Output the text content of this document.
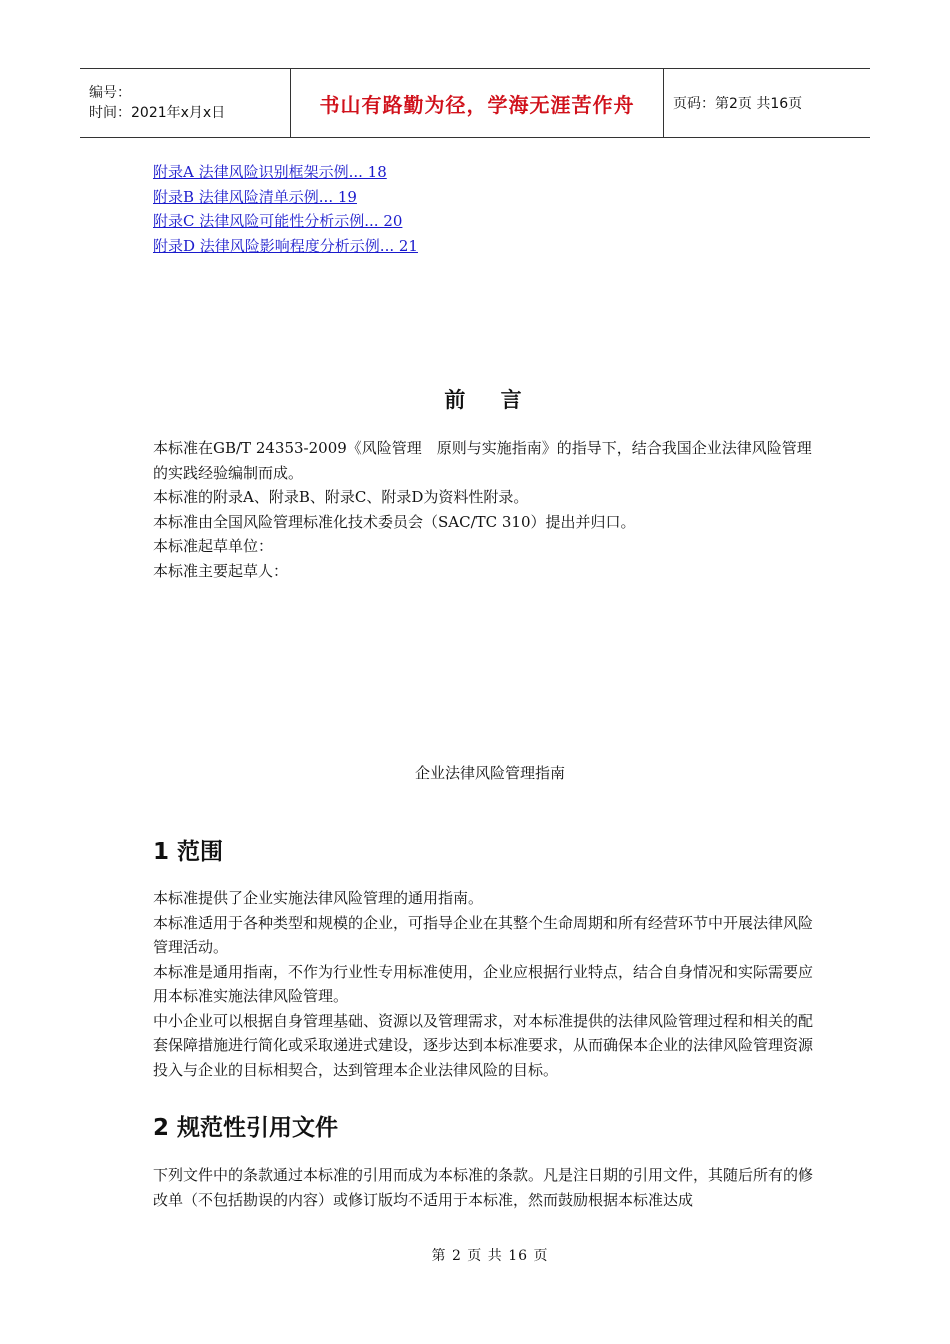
编号：
时间：2021年x月x日	书山有路勤为径，学海无涯苦作舟	页码：第2页 共16页
附录A 法律风险识别框架示例... 18
附录B 法律风险清单示例... 19
附录C 法律风险可能性分析示例... 20
附录D 法律风险影响程度分析示例... 21
前 言

本标准在GB/T 24353-2009《风险管理　原则与实施指南》的指导下，结合我国企业法律风险管理的实践经验编制而成。

本标准的附录A、附录B、附录C、附录D为资料性附录。

本标准由全国风险管理标准化技术委员会（SAC/TC 310）提出并归口。

本标准起草单位：

本标准主要起草人：

企业法律风险管理指南
1 范围

本标准提供了企业实施法律风险管理的通用指南。

本标准适用于各种类型和规模的企业，可指导企业在其整个生命周期和所有经营环节中开展法律风险管理活动。

本标准是通用指南，不作为行业性专用标准使用，企业应根据行业特点，结合自身情况和实际需要应用本标准实施法律风险管理。

中小企业可以根据自身管理基础、资源以及管理需求，对本标准提供的法律风险管理过程和相关的配套保障措施进行简化或采取递进式建设，逐步达到本标准要求，从而确保本企业的法律风险管理资源投入与企业的目标相契合，达到管理本企业法律风险的目标。

2 规范性引用文件

下列文件中的条款通过本标准的引用而成为本标准的条款。凡是注日期的引用文件，其随后所有的修改单（不包括勘误的内容）或修订版均不适用于本标准，然而鼓励根据本标准达成

第 2 页 共 16 页
